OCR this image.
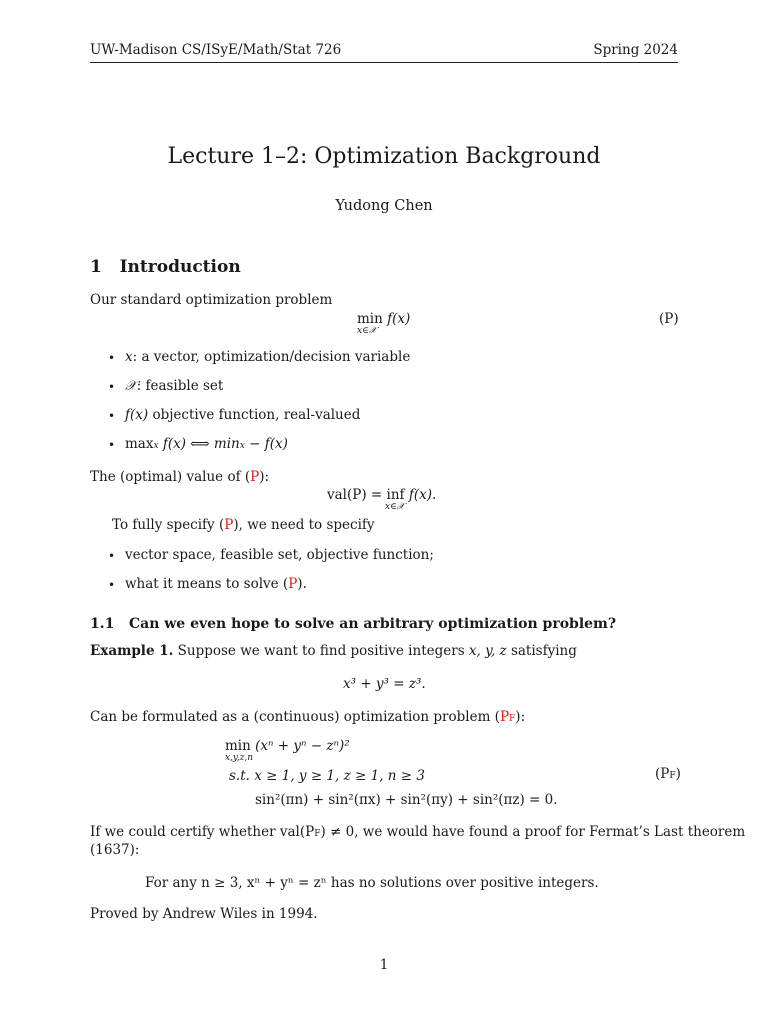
UW-Madison CS/ISyE/Math/Stat 726	Spring 2024
Lecture 1–2: Optimization Background
Yudong Chen
1 Introduction
Our standard optimization problem
min f(x)
x∈𝒳
(P)
• x: a vector, optimization/decision variable
• 𝒳: feasible set
• f(x) objective function, real-valued
• maxx f(x) ⟺ minx − f(x)
The (optimal) value of (P):
val(P) = inf f(x).
x∈𝒳
To fully specify (P), we need to specify
• vector space, feasible set, objective function;
• what it means to solve (P).
1.1 Can we even hope to solve an arbitrary optimization problem?
Example 1. Suppose we want to find positive integers x, y, z satisfying
x³ + y³ = z³.
Can be formulated as a (continuous) optimization problem (PF):
min (xⁿ + yⁿ − zⁿ)²
x,y,z,n
s.t. x ≥ 1, y ≥ 1, z ≥ 1, n ≥ 3	(PF)
sin²(πn) + sin²(πx) + sin²(πy) + sin²(πz) = 0.
If we could certify whether val(PF) ≠ 0, we would have found a proof for Fermat’s Last theorem
(1637):
For any n ≥ 3, xⁿ + yⁿ = zⁿ has no solutions over positive integers.
Proved by Andrew Wiles in 1994.
1
